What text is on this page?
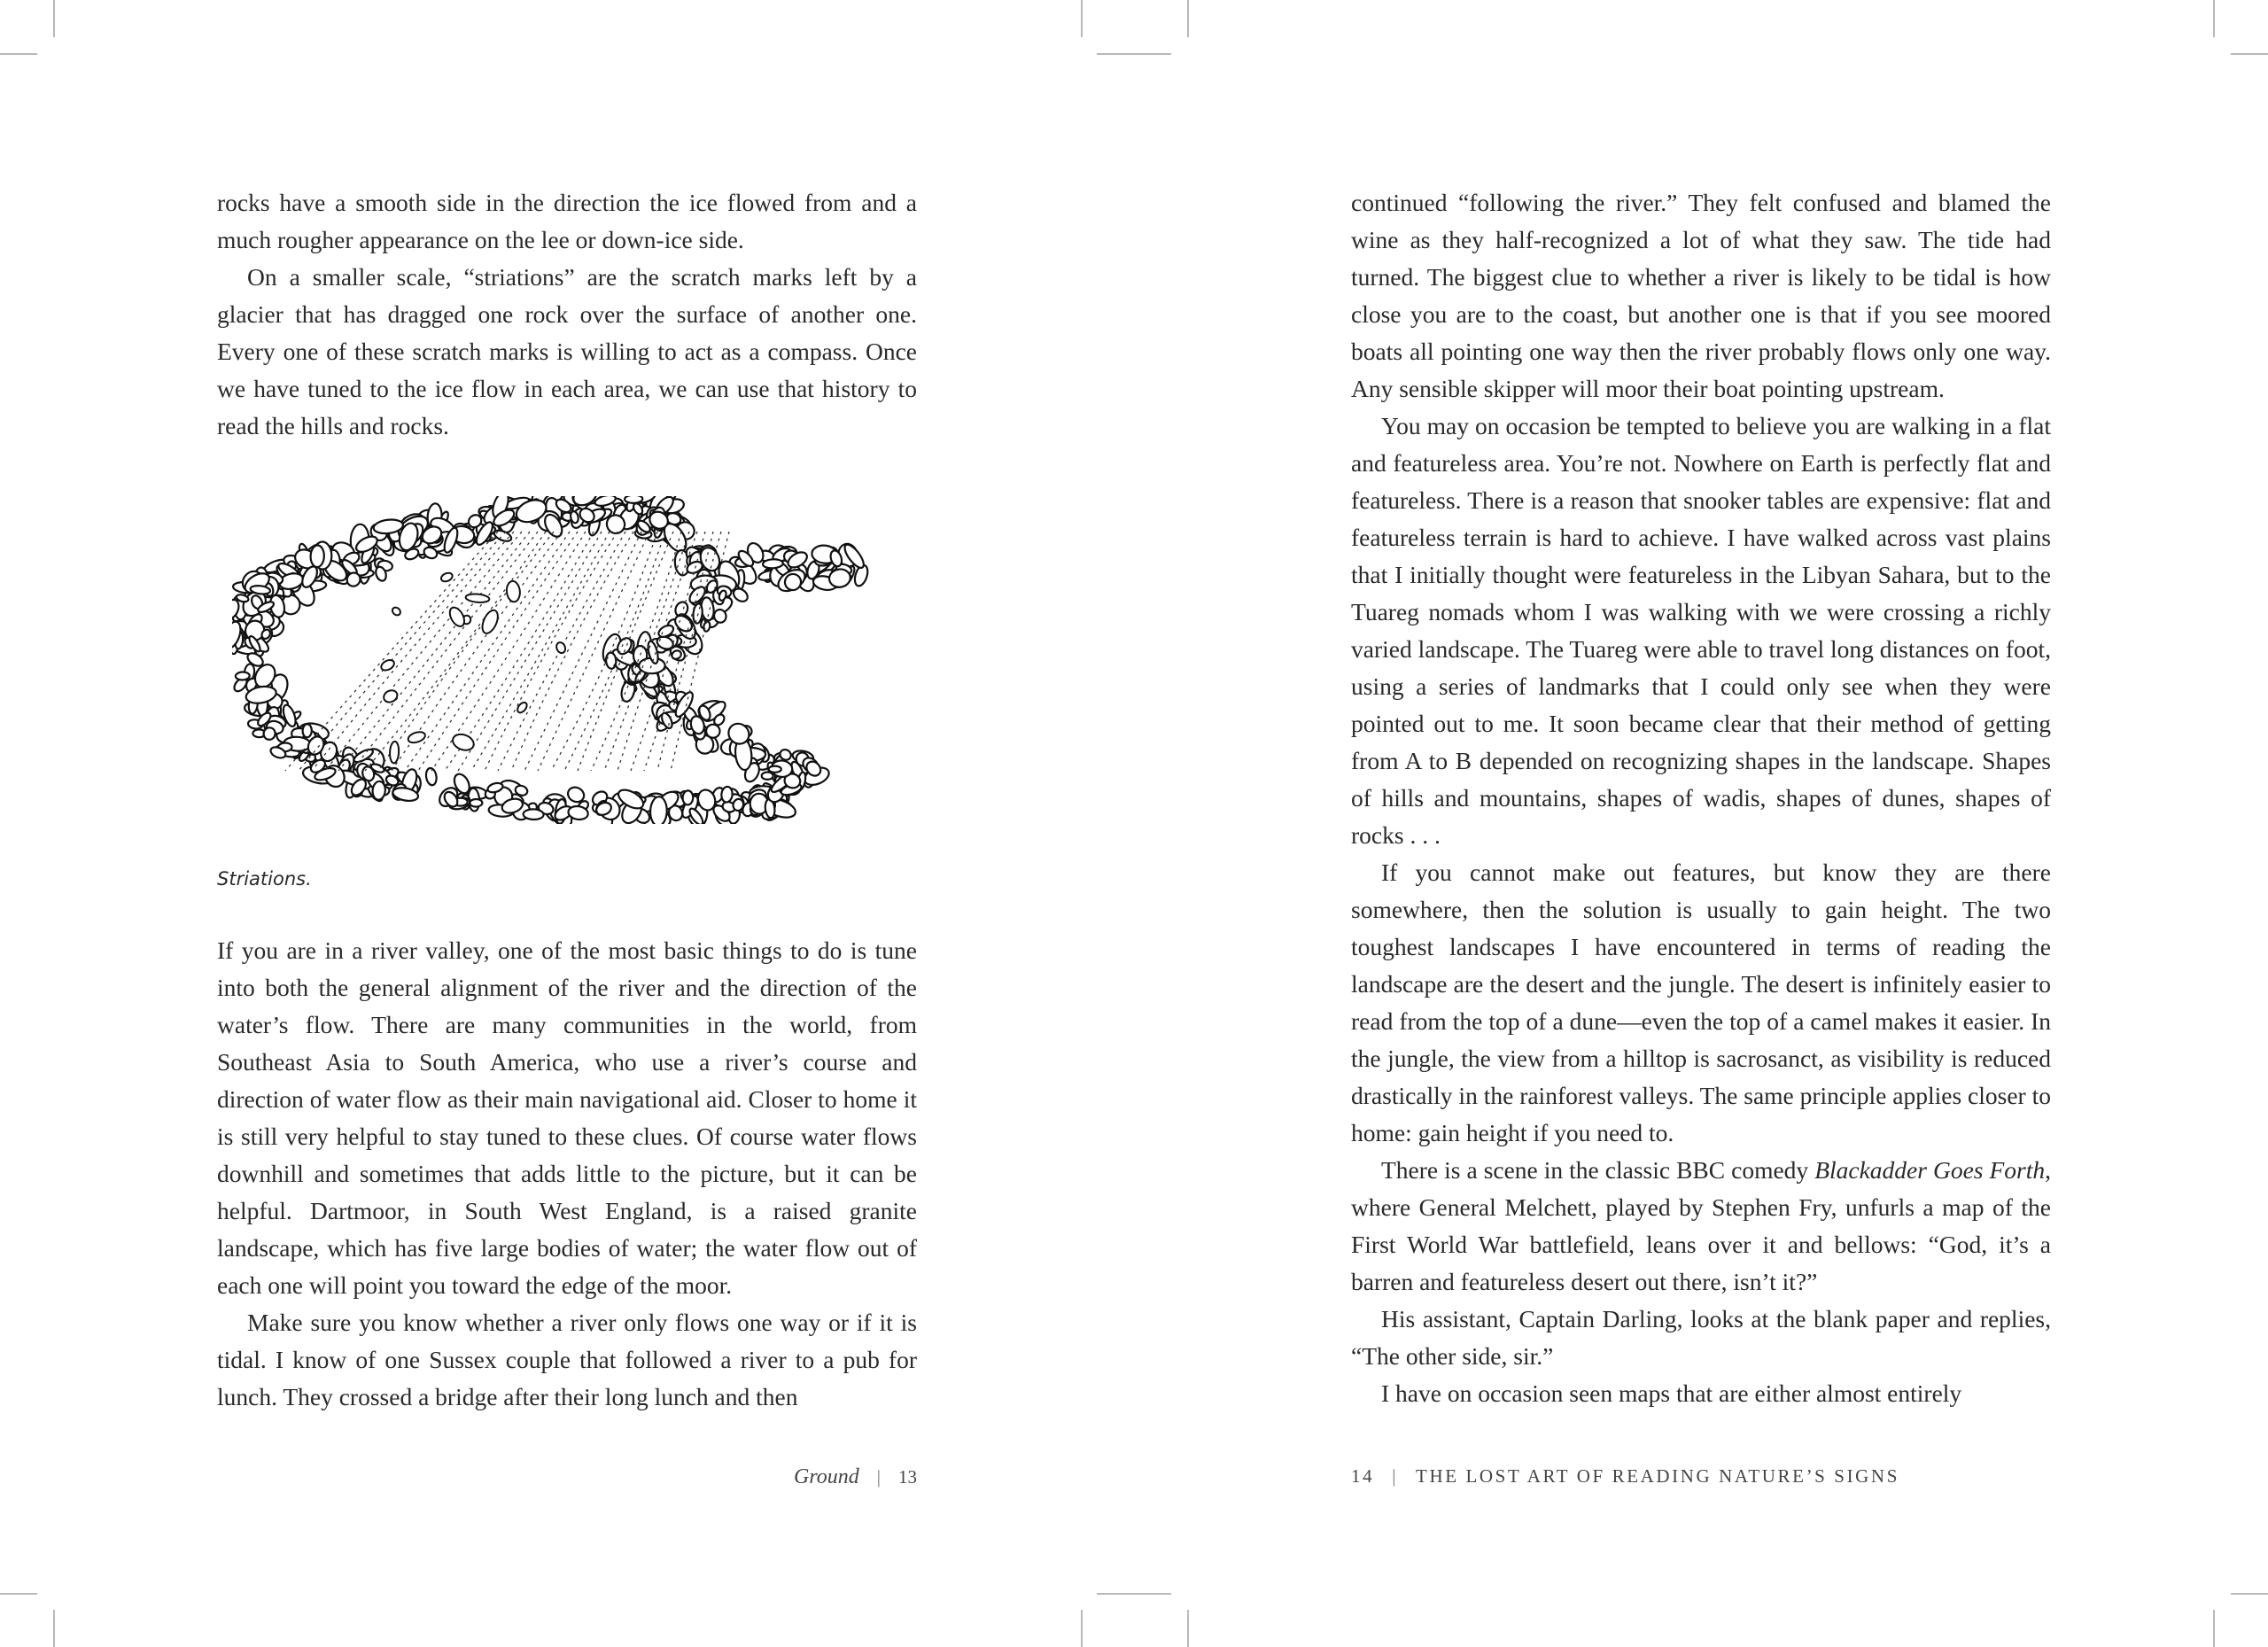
rocks have a smooth side in the direction the ice flowed from and a much rougher appearance on the lee or down-ice side.

On a smaller scale, “striations” are the scratch marks left by a glacier that has dragged one rock over the surface of another one. Every one of these scratch marks is willing to act as a compass. Once we have tuned to the ice flow in each area, we can use that history to read the hills and rocks.

Striations.

If you are in a river valley, one of the most basic things to do is tune into both the general alignment of the river and the direction of the water’s flow. There are many communities in the world, from Southeast Asia to South America, who use a river’s course and direction of water flow as their main navigational aid. Closer to home it is still very helpful to stay tuned to these clues. Of course water flows downhill and sometimes that adds little to the picture, but it can be helpful. Dartmoor, in South West England, is a raised granite landscape, which has five large bodies of water; the water flow out of each one will point you toward the edge of the moor.

Make sure you know whether a river only flows one way or if it is tidal. I know of one Sussex couple that followed a river to a pub for lunch. They crossed a bridge after their long lunch and then

Ground | 13

continued “following the river.” They felt confused and blamed the wine as they half-recognized a lot of what they saw. The tide had turned. The biggest clue to whether a river is likely to be tidal is how close you are to the coast, but another one is that if you see moored boats all pointing one way then the river probably flows only one way. Any sensible skipper will moor their boat pointing upstream.

You may on occasion be tempted to believe you are walking in a flat and featureless area. You’re not. Nowhere on Earth is perfectly flat and featureless. There is a reason that snooker tables are expensive: flat and featureless terrain is hard to achieve. I have walked across vast plains that I initially thought were featureless in the Libyan Sahara, but to the Tuareg nomads whom I was walking with we were crossing a richly varied landscape. The Tuareg were able to travel long distances on foot, using a series of landmarks that I could only see when they were pointed out to me. It soon became clear that their method of getting from A to B depended on recognizing shapes in the landscape. Shapes of hills and mountains, shapes of wadis, shapes of dunes, shapes of rocks . . .

If you cannot make out features, but know they are there somewhere, then the solution is usually to gain height. The two toughest landscapes I have encountered in terms of reading the landscape are the desert and the jungle. The desert is infinitely easier to read from the top of a dune—even the top of a camel makes it easier. In the jungle, the view from a hilltop is sacrosanct, as visibility is reduced drastically in the rainforest valleys. The same principle applies closer to home: gain height if you need to.

There is a scene in the classic BBC comedy Blackadder Goes Forth, where General Melchett, played by Stephen Fry, unfurls a map of the First World War battlefield, leans over it and bellows: “God, it’s a barren and featureless desert out there, isn’t it?”

His assistant, Captain Darling, looks at the blank paper and replies, “The other side, sir.”

I have on occasion seen maps that are either almost entirely

14 | THE LOST ART OF READING NATURE’S SIGNS
